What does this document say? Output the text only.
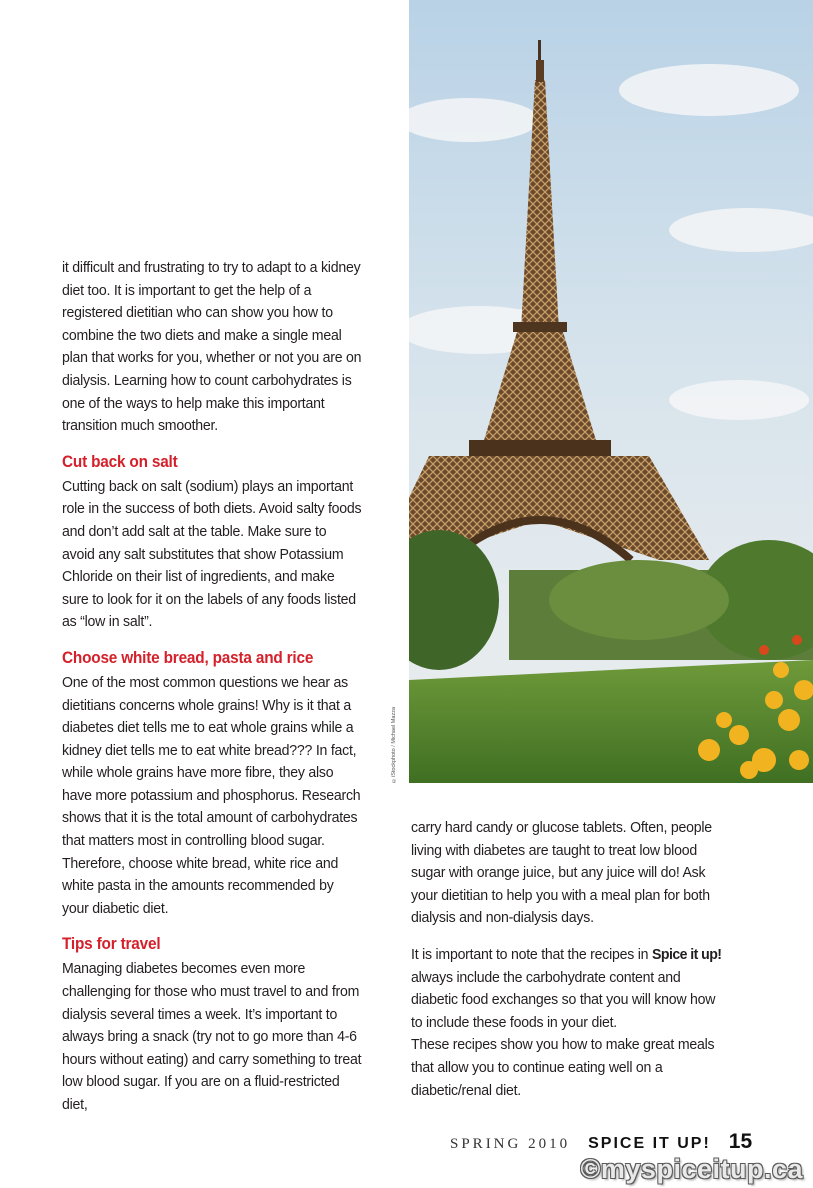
it difficult and frustrating to try to adapt to a kidney diet too. It is important to get the help of a registered dietitian who can show you how to combine the two diets and make a single meal plan that works for you, whether or not you are on dialysis. Learning how to count carbohydrates is one of the ways to help make this important transition much smoother.

Cut back on salt

Cutting back on salt (sodium) plays an important role in the success of both diets. Avoid salty foods and don’t add salt at the table. Make sure to avoid any salt substitutes that show Potassium Chloride on their list of ingredients, and make sure to look for it on the labels of any foods listed as “low in salt”.

Choose white bread, pasta and rice

One of the most common questions we hear as dietitians concerns whole grains! Why is it that a diabetes diet tells me to eat whole grains while a kidney diet tells me to eat white bread??? In fact, while whole grains have more fibre, they also have more potassium and phosphorus. Research shows that it is the total amount of carbohydrates that matters most in controlling blood sugar. Therefore, choose white bread, white rice and white pasta in the amounts recommended by your diabetic diet.

Tips for travel

Managing diabetes becomes even more challenging for those who must travel to and from dialysis several times a week. It’s important to always bring a snack (try not to go more than 4-6 hours without eating) and carry something to treat low blood sugar. If you are on a fluid-restricted diet,

©iStockphoto / Michael Mazza

carry hard candy or glucose tablets. Often, people living with diabetes are taught to treat low blood sugar with orange juice, but any juice will do! Ask your dietitian to help you with a meal plan for both dialysis and non-dialysis days.

It is important to note that the recipes in Spice it up! always include the carbohydrate content and diabetic food exchanges so that you will know how to include these foods in your diet.

These recipes show you how to make great meals that allow you to continue eating well on a diabetic/renal diet.

SPRING 2010 SPICE IT UP! 15
©myspiceitup.ca
